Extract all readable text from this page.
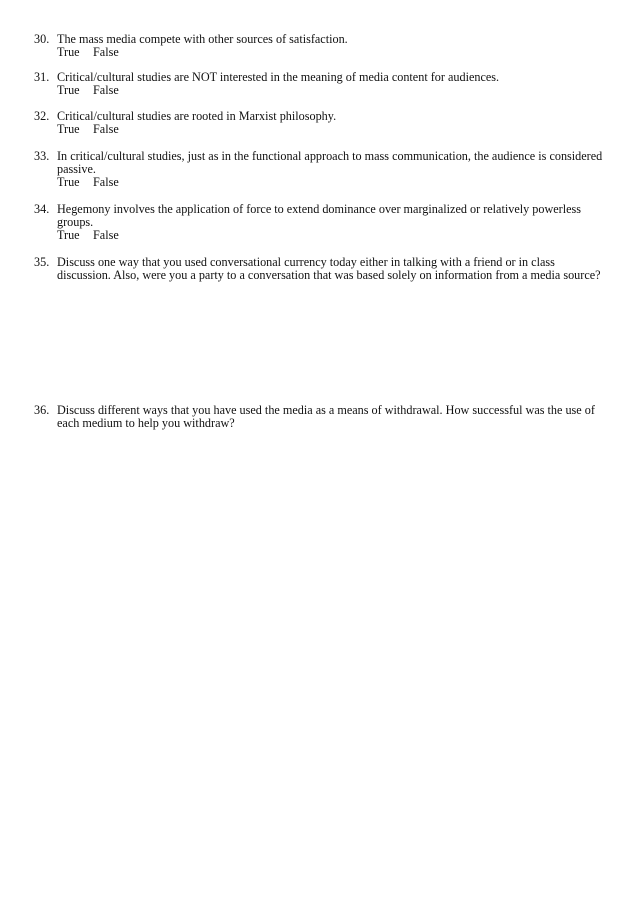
30. The mass media compete with other sources of satisfaction.
True False
31. Critical/cultural studies are NOT interested in the meaning of media content for audiences.
True False
32. Critical/cultural studies are rooted in Marxist philosophy.
True False
33. In critical/cultural studies, just as in the functional approach to mass communication, the audience is considered passive.
True False
34. Hegemony involves the application of force to extend dominance over marginalized or relatively powerless groups.
True False
35. Discuss one way that you used conversational currency today either in talking with a friend or in class discussion. Also, were you a party to a conversation that was based solely on information from a media source?
36. Discuss different ways that you have used the media as a means of withdrawal. How successful was the use of each medium to help you withdraw?
